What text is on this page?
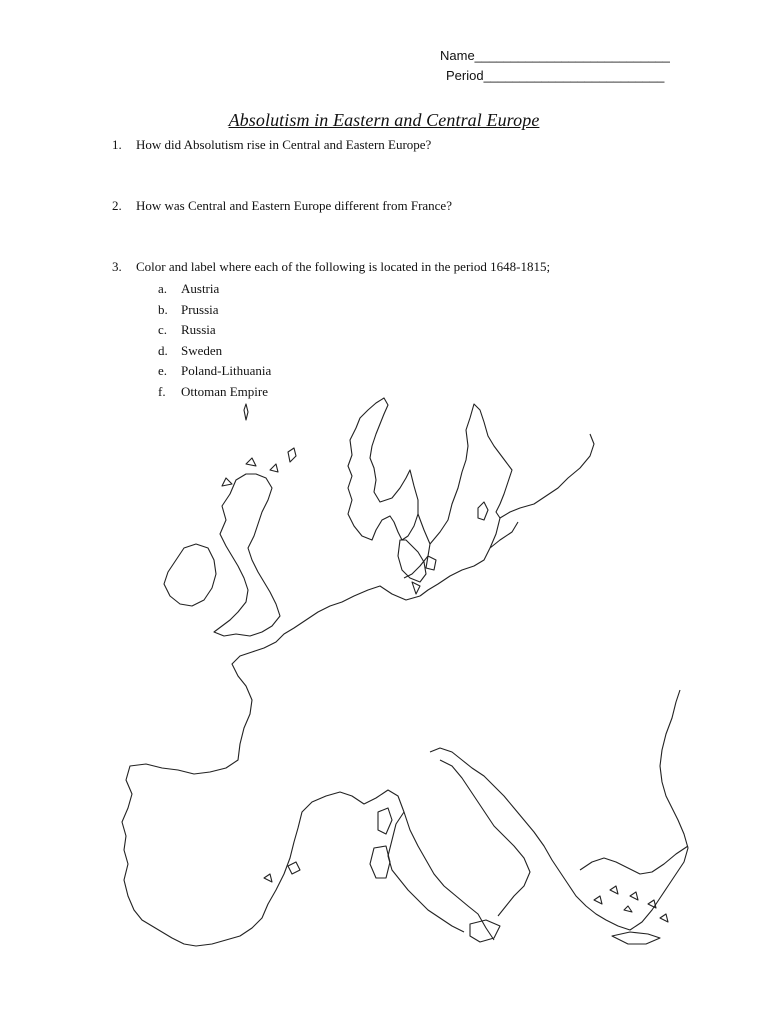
Name___________________________
Period_________________________
Absolutism in Eastern and Central Europe
1. How did Absolutism rise in Central and Eastern Europe?
2. How was Central and Eastern Europe different from France?
3. Color and label where each of the following is located in the period 1648-1815;
a. Austria
b. Prussia
c. Russia
d. Sweden
e. Poland-Lithuania
f. Ottoman Empire
